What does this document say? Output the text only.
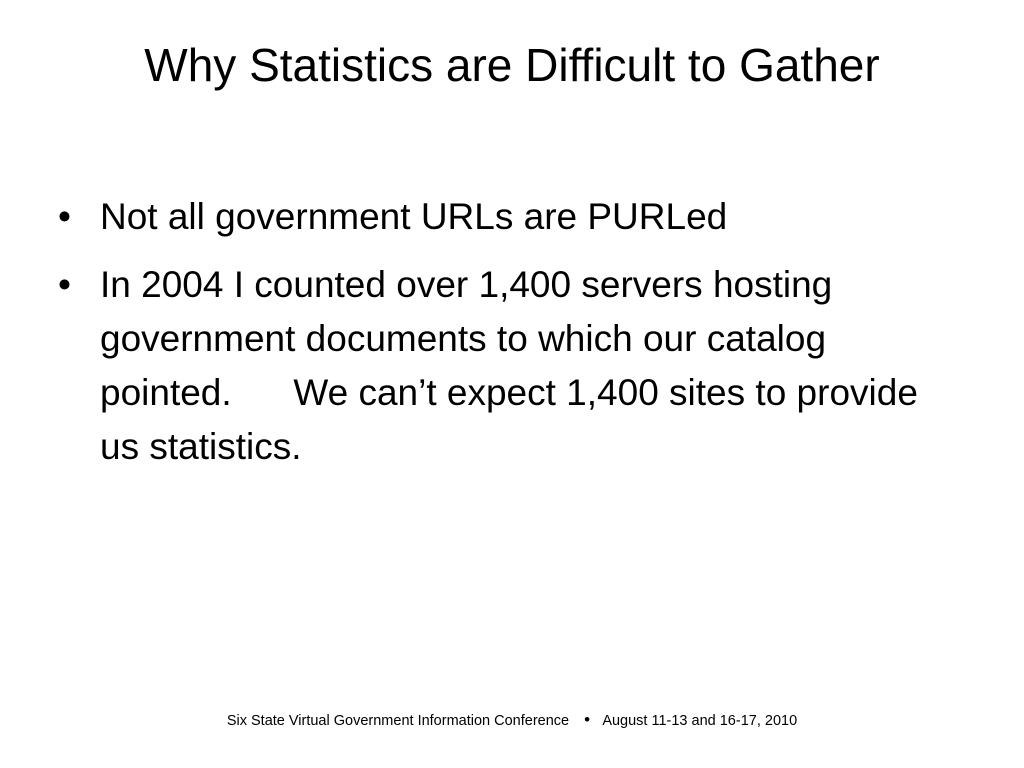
Why Statistics are Difficult to Gather
• Not all government URLs are PURLed
• In 2004 I counted over 1,400 servers hosting government documents to which our catalog pointed.      We can’t expect 1,400 sites to provide us statistics.
Six State Virtual Government Information Conference • August 11-13 and 16-17, 2010
